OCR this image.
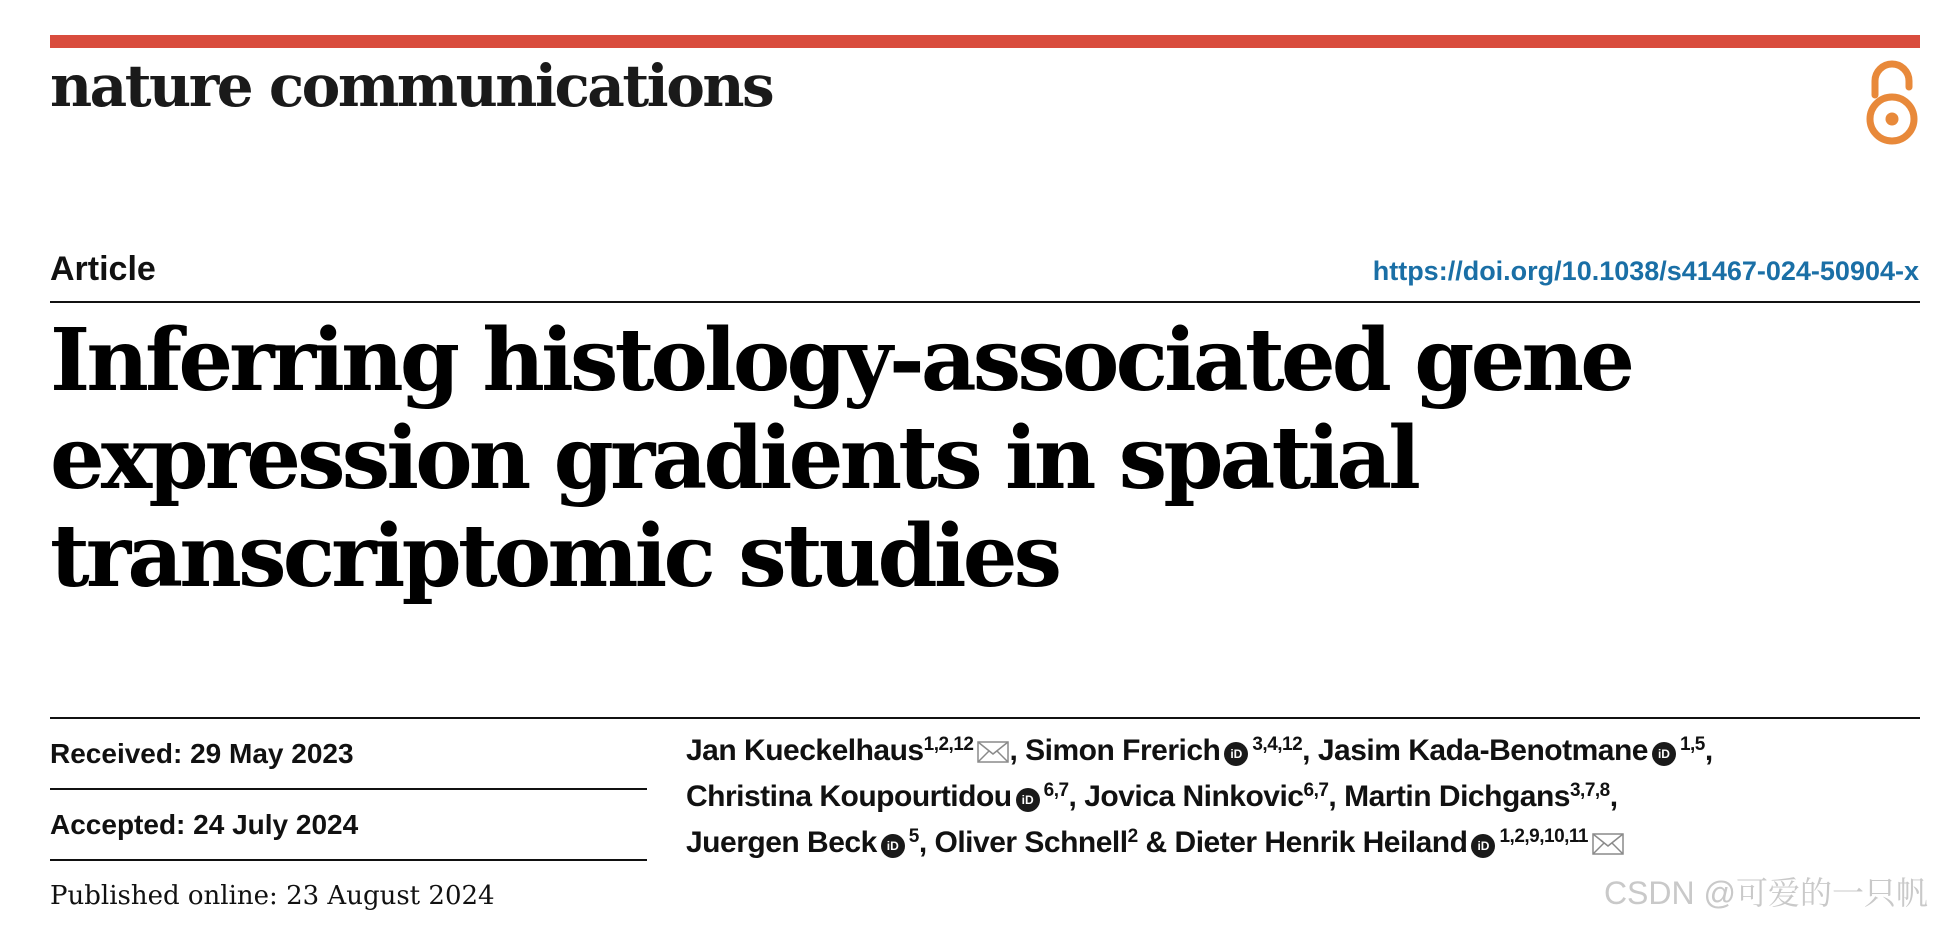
nature communications
Article	https://doi.org/10.1038/s41467-024-50904-x
Inferring histology-associated gene
expression gradients in spatial
transcriptomic studies
Received: 29 May 2023
Accepted: 24 July 2024
Published online: 23 August 2024
Jan Kueckelhaus$^{1,2,12}$ , Simon Frerich iD $^{3,4,12}$, Jasim Kada-Benotmane iD $^{1,5}$,
Christina Koupourtidou iD $^{6,7}$, Jovica Ninkovic$^{6,7}$, Martin Dichgans$^{3,7,8}$,
Juergen Beck iD $^5$, Oliver Schnell$^2$ & Dieter Henrik Heiland iD $^{1,2,9,10,11}$
CSDN @可爱的一只帆
